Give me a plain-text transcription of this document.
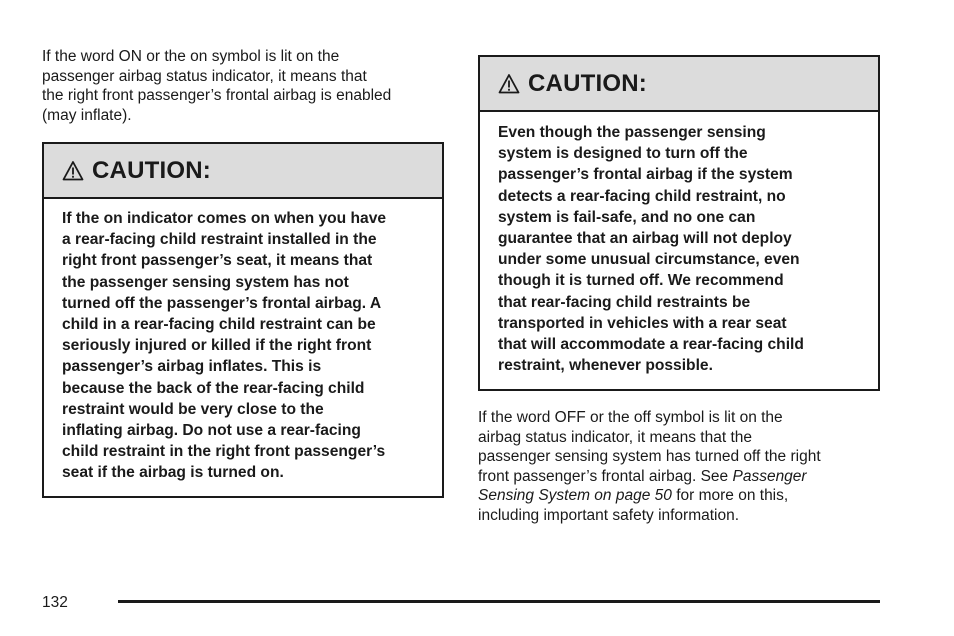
If the word ON or the on symbol is lit on the
passenger airbag status indicator, it means that
the right front passenger’s frontal airbag is enabled
(may inflate).
CAUTION:
If the on indicator comes on when you have
a rear-facing child restraint installed in the
right front passenger’s seat, it means that
the passenger sensing system has not
turned off the passenger’s frontal airbag. A
child in a rear-facing child restraint can be
seriously injured or killed if the right front
passenger’s airbag inflates. This is
because the back of the rear-facing child
restraint would be very close to the
inflating airbag. Do not use a rear-facing
child restraint in the right front passenger’s
seat if the airbag is turned on.
CAUTION:
Even though the passenger sensing
system is designed to turn off the
passenger’s frontal airbag if the system
detects a rear-facing child restraint, no
system is fail-safe, and no one can
guarantee that an airbag will not deploy
under some unusual circumstance, even
though it is turned off. We recommend
that rear-facing child restraints be
transported in vehicles with a rear seat
that will accommodate a rear-facing child
restraint, whenever possible.
If the word OFF or the off symbol is lit on the
airbag status indicator, it means that the
passenger sensing system has turned off the right
front passenger’s frontal airbag. See Passenger
Sensing System on page 50 for more on this,
including important safety information.
132
